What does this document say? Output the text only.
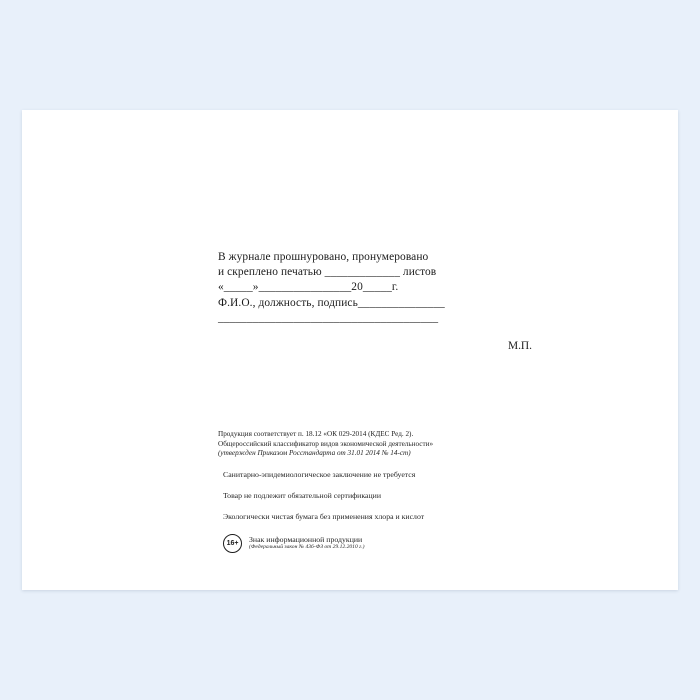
В журнале прошнуровано, пронумеровано
и скреплено печатью _____________ листов
«_____»________________20_____г.
Ф.И.О., должность, подпись_______________
______________________________________
М.П.
Продукция соответствует п. 18.12 «ОК 029-2014 (КДЕС Ред. 2).
Общероссийский классификатор видов экономической деятельности»
(утвержден Приказом Росстандарта от 31.01 2014 № 14-ст)
Санитарно-эпидемиологическое заключение не требуется
Товар не подлежит обязательной сертификации
Экологически чистая бумага без применения хлора и кислот
16+	Знак информационной продукции
(Федеральный закон № 436-ФЗ от 29.12.2010 г.)
